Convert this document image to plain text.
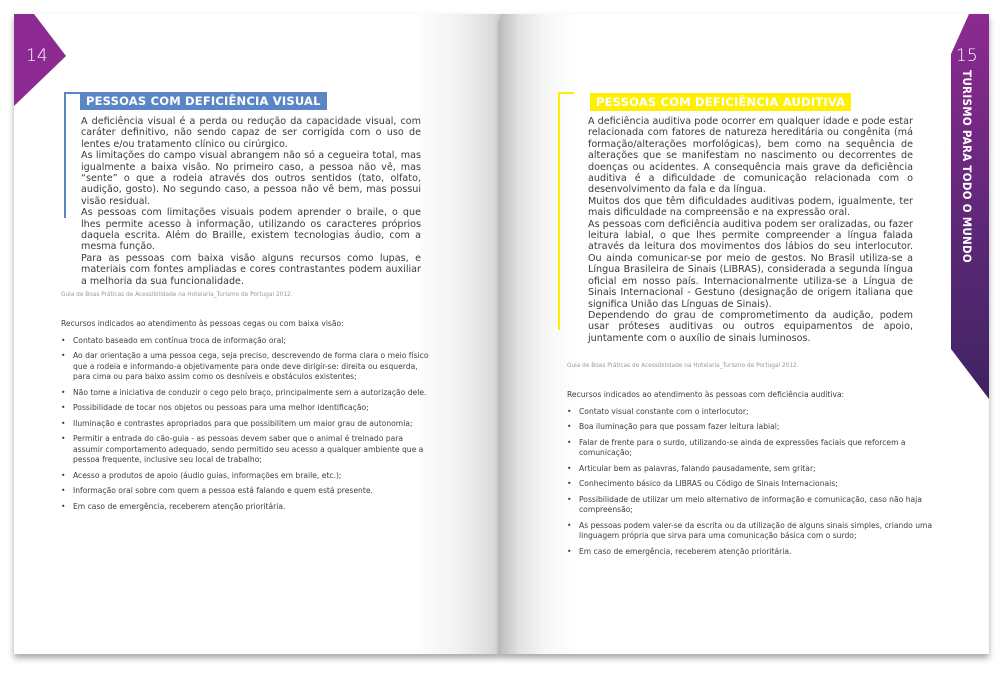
14
PESSOAS COM DEFICIÊNCIA VISUAL

A deficiência visual é a perda ou redução da capacidade visual, com caráter definitivo, não sendo capaz de ser corrigida com o uso de lentes e/ou tratamento clínico ou cirúrgico.

As limitações do campo visual abrangem não só a cegueira total, mas igualmente a baixa visão. No primeiro caso, a pessoa não vê, mas “sente” o que a rodeia através dos outros sentidos (tato, olfato, audição, gosto). No segundo caso, a pessoa não vê bem, mas possui visão residual.

As pessoas com limitações visuais podem aprender o braile, o que lhes permite acesso à informação, utilizando os caracteres próprios daquela escrita. Além do Braille, existem tecnologias áudio, com a mesma função.

Para as pessoas com baixa visão alguns recursos como lupas, e materiais com fontes ampliadas e cores contrastantes podem auxiliar a melhoria da sua funcionalidade.

Guia de Boas Práticas de Acessibilidade na Hotelaria_Turismo de Portugal 2012.

Recursos indicados ao atendimento às pessoas cegas ou com baixa visão:

• Contato baseado em contínua troca de informação oral;
• Ao dar orientação a uma pessoa cega, seja preciso, descrevendo de forma clara o meio físico que a rodeia e informando-a objetivamente para onde deve dirigir-se: direita ou esquerda, para cima ou para baixo assim como os desníveis e obstáculos existentes;
• Não tome a iniciativa de conduzir o cego pelo braço, principalmente sem a autorização dele.
• Possibilidade de tocar nos objetos ou pessoas para uma melhor identificação;
• Iluminação e contrastes apropriados para que possibilitem um maior grau de autonomia;
• Permitir a entrada do cão-guia - as pessoas devem saber que o animal é treinado para assumir comportamento adequado, sendo permitido seu acesso a qualquer ambiente que a pessoa frequente, inclusive seu local de trabalho;
• Acesso a produtos de apoio (áudio guias, informações em braile, etc.);
• Informação oral sobre com quem a pessoa está falando e quem está presente.
• Em caso de emergência, receberem atenção prioritária.
15
PESSOAS COM DEFICIÊNCIA AUDITIVA

A deficiência auditiva pode ocorrer em qualquer idade e pode estar relacionada com fatores de natureza hereditária ou congênita (má formação/alterações morfológicas), bem como na sequência de alterações que se manifestam no nascimento ou decorrentes de doenças ou acidentes. A consequência mais grave da deficiência auditiva é a dificuldade de comunicação relacionada com o desenvolvimento da fala e da língua.

Muitos dos que têm dificuldades auditivas podem, igualmente, ter mais dificuldade na compreensão e na expressão oral.

As pessoas com deficiência auditiva podem ser oralizadas, ou fazer leitura labial, o que lhes permite compreender a língua falada através da leitura dos movimentos dos lábios do seu interlocutor. Ou ainda comunicar-se por meio de gestos. No Brasil utiliza-se a Língua Brasileira de Sinais (LIBRAS), considerada a segunda língua oficial em nosso país. Internacionalmente utiliza-se a Língua de Sinais Internacional - Gestuno (designação de origem italiana que significa União das Línguas de Sinais).

Dependendo do grau de comprometimento da audição, podem usar próteses auditivas ou outros equipamentos de apoio, juntamente com o auxílio de sinais luminosos.

Guia de Boas Práticas de Acessibilidade na Hotelaria_Turismo de Portugal 2012.

Recursos indicados ao atendimento às pessoas com deficiência auditiva:

• Contato visual constante com o interlocutor;
• Boa iluminação para que possam fazer leitura labial;
• Falar de frente para o surdo, utilizando-se ainda de expressões faciais que reforcem a comunicação;
• Articular bem as palavras, falando pausadamente, sem gritar;
• Conhecimento básico da LIBRAS ou Código de Sinais Internacionais;
• Possibilidade de utilizar um meio alternativo de informação e comunicação, caso não haja compreensão;
• As pessoas podem valer-se da escrita ou da utilização de alguns sinais simples, criando uma linguagem própria que sirva para uma comunicação básica com o surdo;
• Em caso de emergência, receberem atenção prioritária.
TURISMO PARA TODO O MUNDO
